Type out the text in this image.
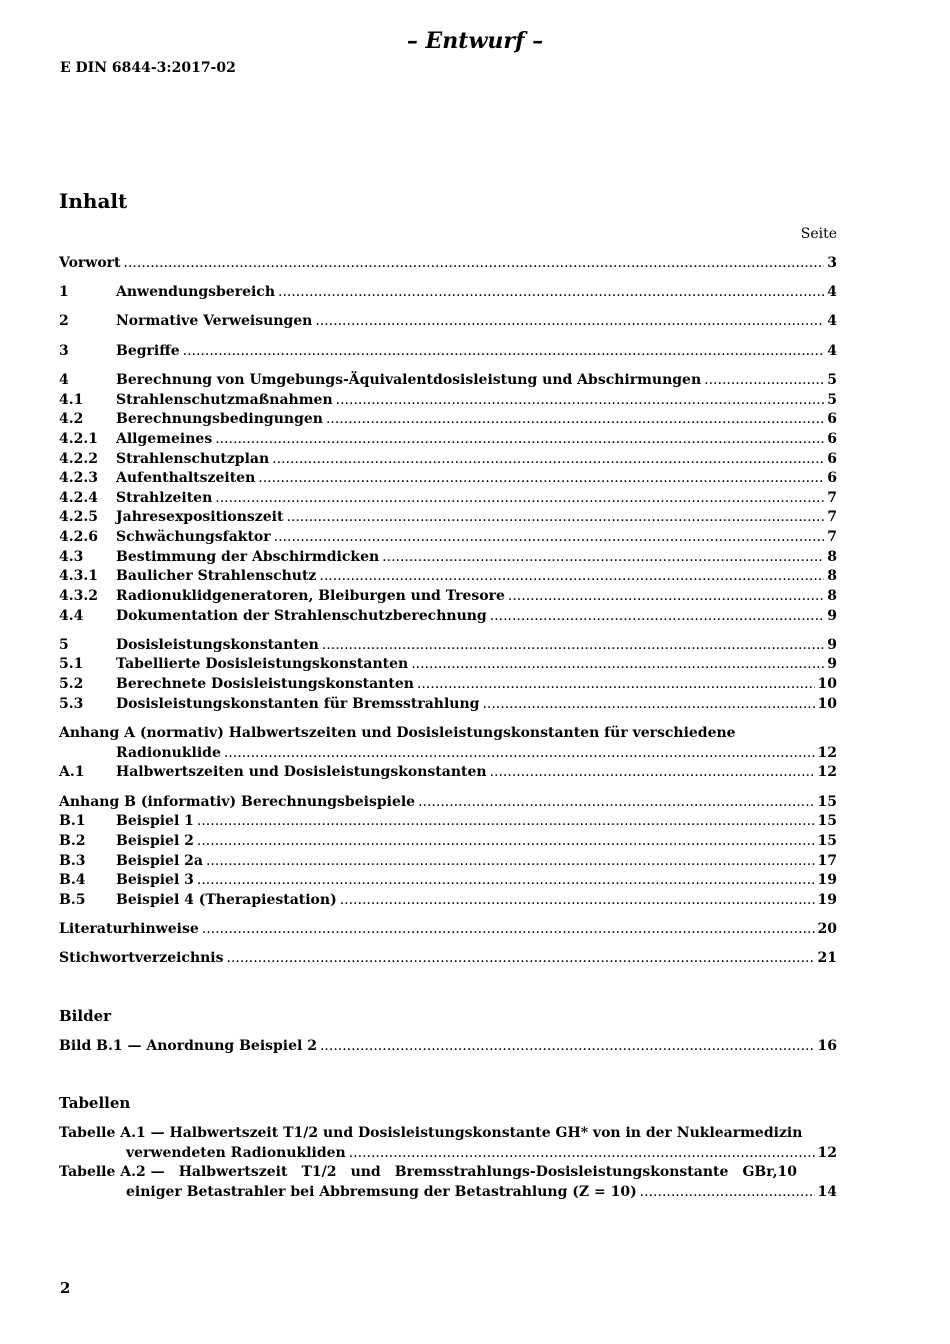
– Entwurf –
E DIN 6844-3:2017-02
Inhalt
Seite
Vorwort .....	3
1	Anwendungsbereich .....	4
2	Normative Verweisungen .....	4
3	Begriffe .....	4
4	Berechnung von Umgebungs-Äquivalentdosisleistung und Abschirmungen .....	5
4.1	Strahlenschutzmaßnahmen .....	5
4.2	Berechnungsbedingungen .....	6
4.2.1	Allgemeines .....	6
4.2.2	Strahlenschutzplan .....	6
4.2.3	Aufenthaltszeiten .....	6
4.2.4	Strahlzeiten .....	7
4.2.5	Jahresexpositionszeit .....	7
4.2.6	Schwächungsfaktor .....	7
4.3	Bestimmung der Abschirmdicken .....	8
4.3.1	Baulicher Strahlenschutz .....	8
4.3.2	Radionuklidgeneratoren, Bleiburgen und Tresore .....	8
4.4	Dokumentation der Strahlenschutzberechnung .....	9
5	Dosisleistungskonstanten .....	9
5.1	Tabellierte Dosisleistungskonstanten .....	9
5.2	Berechnete Dosisleistungskonstanten .....	10
5.3	Dosisleistungskonstanten für Bremsstrahlung .....	10
Anhang A (normativ) Halbwertszeiten und Dosisleistungskonstanten für verschiedene
Radionuklide .....	12
A.1	Halbwertszeiten und Dosisleistungskonstanten .....	12
Anhang B (informativ) Berechnungsbeispiele .....	15
B.1	Beispiel 1 .....	15
B.2	Beispiel 2 .....	15
B.3	Beispiel 2a .....	17
B.4	Beispiel 3 .....	19
B.5	Beispiel 4 (Therapiestation) .....	19
Literaturhinweise .....	20
Stichwortverzeichnis .....	21
Bilder
Bild B.1 — Anordnung Beispiel 2 .....	16
Tabellen
Tabelle A.1 — Halbwertszeit T1/2 und Dosisleistungskonstante GH* von in der Nuklearmedizin
verwendeten Radionukliden .....	12
Tabelle A.2 — Halbwertszeit T1/2 und Bremsstrahlungs-Dosisleistungskonstante GBr,10
einiger Betastrahler bei Abbremsung der Betastrahlung (Z = 10) .....	14
2
